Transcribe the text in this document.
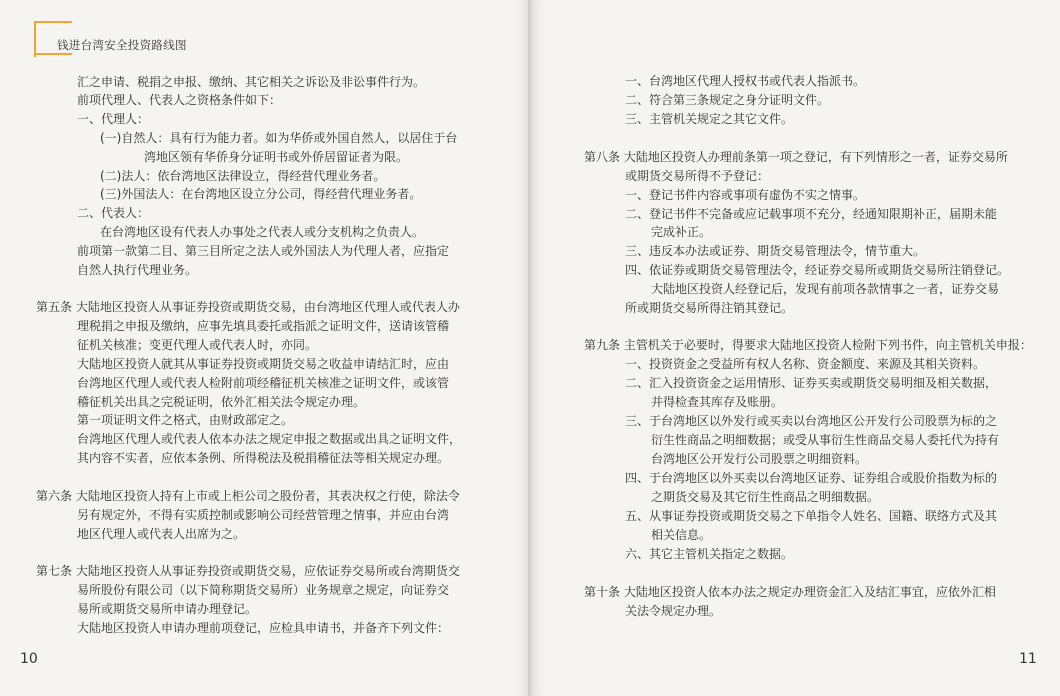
钱进台湾安全投资路线图
汇之申请、税捐之申报、缴纳、其它相关之诉讼及非讼事件行为。
前项代理人、代表人之资格条件如下：
一、代理人：
(一)自然人：具有行为能力者。如为华侨或外国自然人，以居住于台
湾地区领有华侨身分证明书或外侨居留证者为限。
(二)法人：依台湾地区法律设立，得经营代理业务者。
(三)外国法人：在台湾地区设立分公司，得经营代理业务者。
二、代表人：
在台湾地区设有代表人办事处之代表人或分支机构之负责人。
前项第一款第二目、第三目所定之法人或外国法人为代理人者，应指定
自然人执行代理业务。
第五条 大陆地区投资人从事证券投资或期货交易，由台湾地区代理人或代表人办
理税捐之申报及缴纳，应事先填具委托或指派之证明文件，送请该管稽
征机关核准；变更代理人或代表人时，亦同。
大陆地区投资人就其从事证券投资或期货交易之收益申请结汇时，应由
台湾地区代理人或代表人检附前项经稽征机关核准之证明文件，或该管
稽征机关出具之完税证明，依外汇相关法令规定办理。
第一项证明文件之格式，由财政部定之。
台湾地区代理人或代表人依本办法之规定申报之数据或出具之证明文件，
其内容不实者，应依本条例、所得税法及税捐稽征法等相关规定办理。
第六条 大陆地区投资人持有上市或上柜公司之股份者，其表决权之行使，除法令
另有规定外，不得有实质控制或影响公司经营管理之情事，并应由台湾
地区代理人或代表人出席为之。
第七条 大陆地区投资人从事证券投资或期货交易，应依证券交易所或台湾期货交
易所股份有限公司（以下简称期货交易所）业务规章之规定，向证券交
易所或期货交易所申请办理登记。
大陆地区投资人申请办理前项登记，应检具申请书，并备齐下列文件：
10
一、台湾地区代理人授权书或代表人指派书。
二、符合第三条规定之身分证明文件。
三、主管机关规定之其它文件。
第八条 大陆地区投资人办理前条第一项之登记，有下列情形之一者，证券交易所
或期货交易所得不予登记：
一、登记书件内容或事项有虚伪不实之情事。
二、登记书件不完备或应记载事项不充分，经通知限期补正，届期未能
完成补正。
三、违反本办法或证券、期货交易管理法令，情节重大。
四、依证券或期货交易管理法令，经证券交易所或期货交易所注销登记。
大陆地区投资人经登记后，发现有前项各款情事之一者，证券交易
所或期货交易所得注销其登记。
第九条 主管机关于必要时，得要求大陆地区投资人检附下列书件，向主管机关申报：
一、投资资金之受益所有权人名称、资金额度、来源及其相关资料。
二、汇入投资资金之运用情形、证券买卖或期货交易明细及相关数据，
并得检查其库存及账册。
三、于台湾地区以外发行或买卖以台湾地区公开发行公司股票为标的之
衍生性商品之明细数据；或受从事衍生性商品交易人委托代为持有
台湾地区公开发行公司股票之明细资料。
四、于台湾地区以外买卖以台湾地区证券、证券组合或股价指数为标的
之期货交易及其它衍生性商品之明细数据。
五、从事证券投资或期货交易之下单指令人姓名、国籍、联络方式及其
相关信息。
六、其它主管机关指定之数据。
第十条 大陆地区投资人依本办法之规定办理资金汇入及结汇事宜，应依外汇相
关法令规定办理。
11
